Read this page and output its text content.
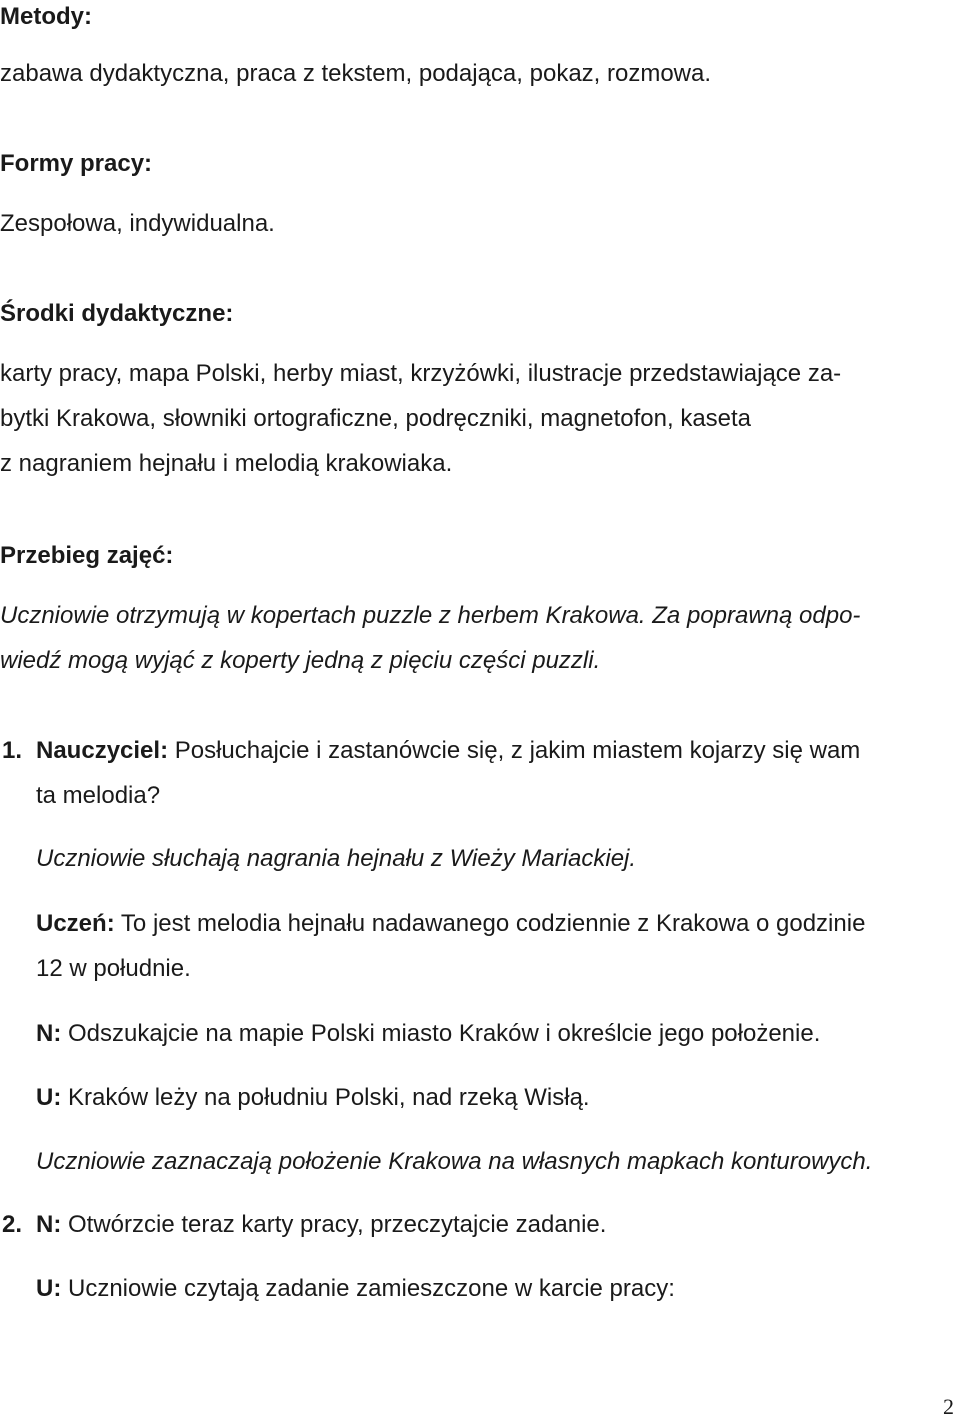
Metody:
zabawa dydaktyczna, praca z tekstem, podająca, pokaz, rozmowa.
Formy pracy:
Zespołowa, indywidualna.
Środki dydaktyczne:
karty pracy, mapa Polski, herby miast, krzyżówki, ilustracje przedstawiające za-
bytki Krakowa, słowniki ortograficzne, podręczniki, magnetofon, kaseta
z nagraniem hejnału i melodią krakowiaka.
Przebieg zajęć:
Uczniowie otrzymują w kopertach puzzle z herbem Krakowa. Za poprawną odpo-
wiedź mogą wyjąć z koperty jedną z pięciu części puzzli.
1. Nauczyciel: Posłuchajcie i zastanówcie się, z jakim miastem kojarzy się wam
ta melodia?
Uczniowie słuchają nagrania hejnału z Wieży Mariackiej.
Uczeń: To jest melodia hejnału nadawanego codziennie z Krakowa o godzinie
12 w południe.
N: Odszukajcie na mapie Polski miasto Kraków i określcie jego położenie.
U: Kraków leży na południu Polski, nad rzeką Wisłą.
Uczniowie zaznaczają położenie Krakowa na własnych mapkach konturowych.
2. N: Otwórzcie teraz karty pracy, przeczytajcie zadanie.
U: Uczniowie czytają zadanie zamieszczone w karcie pracy:
2
